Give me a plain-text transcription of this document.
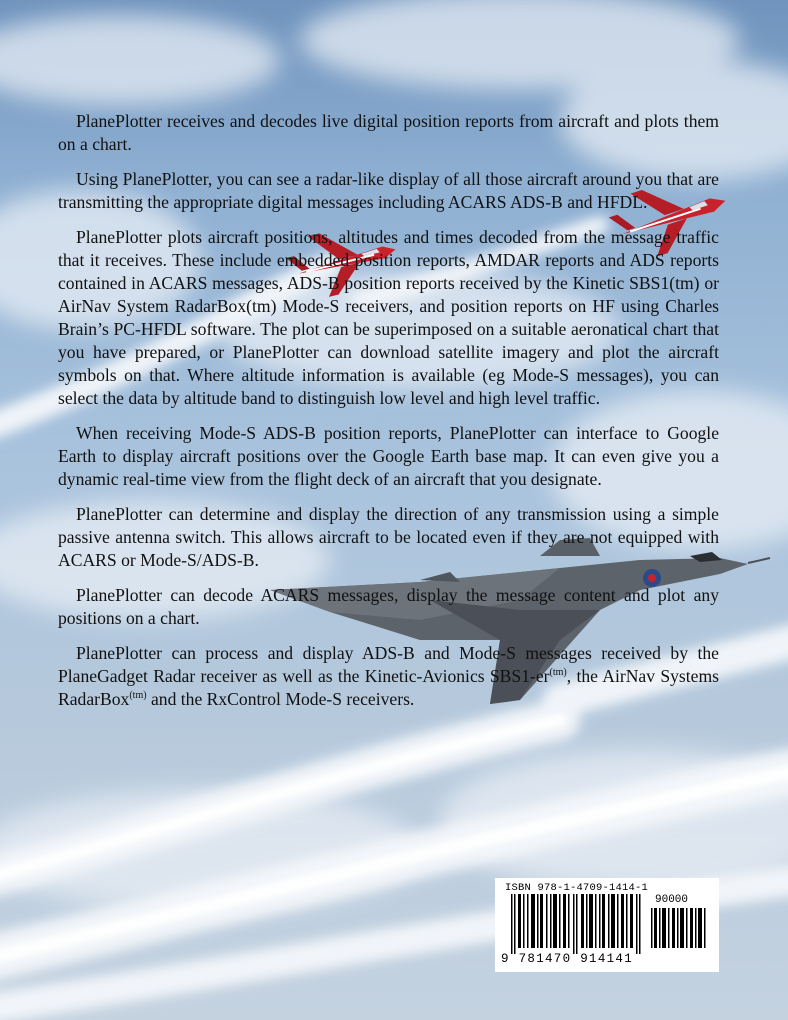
PlanePlotter receives and decodes live digital position reports from aircraft and plots them on a chart.

Using PlanePlotter, you can see a radar-like display of all those aircraft around you that are transmitting the appropriate digital messages including ACARS ADS-B and HFDL.

PlanePlotter plots aircraft positions, altitudes and times decoded from the message traffic that it receives. These include embedded position reports, AMDAR reports and ADS reports contained in ACARS messages, ADS-B position reports received by the Kinetic SBS1(tm) or AirNav System RadarBox(tm) Mode-S receivers, and position reports on HF using Charles Brain’s PC-HFDL software. The plot can be superimposed on a suitable aeronatical chart that you have prepared, or PlanePlotter can download satellite imagery and plot the aircraft symbols on that. Where altitude information is available (eg Mode-S messages), you can select the data by altitude band to distinguish low level and high level traffic.

When receiving Mode-S ADS-B position reports, PlanePlotter can interface to Google Earth to display aircraft positions over the Google Earth base map. It can even give you a dynamic real-time view from the flight deck of an aircraft that you designate.

PlanePlotter can determine and display the direction of any transmission using a simple passive antenna switch. This allows aircraft to be located even if they are not equipped with ACARS or Mode-S/ADS-B.

PlanePlotter can decode ACARS messages, display the message content and plot any positions on a chart.

PlanePlotter can process and display ADS-B and Mode-S messages received by the PlaneGadget Radar receiver as well as the Kinetic-Avionics $SBS1-er^{(tm)}$, the AirNav Systems RadarBox$^{(tm)}$ and the RxControl Mode-S receivers.

ISBN 978-1-4709-1414-1
90000
9 781470 914141
